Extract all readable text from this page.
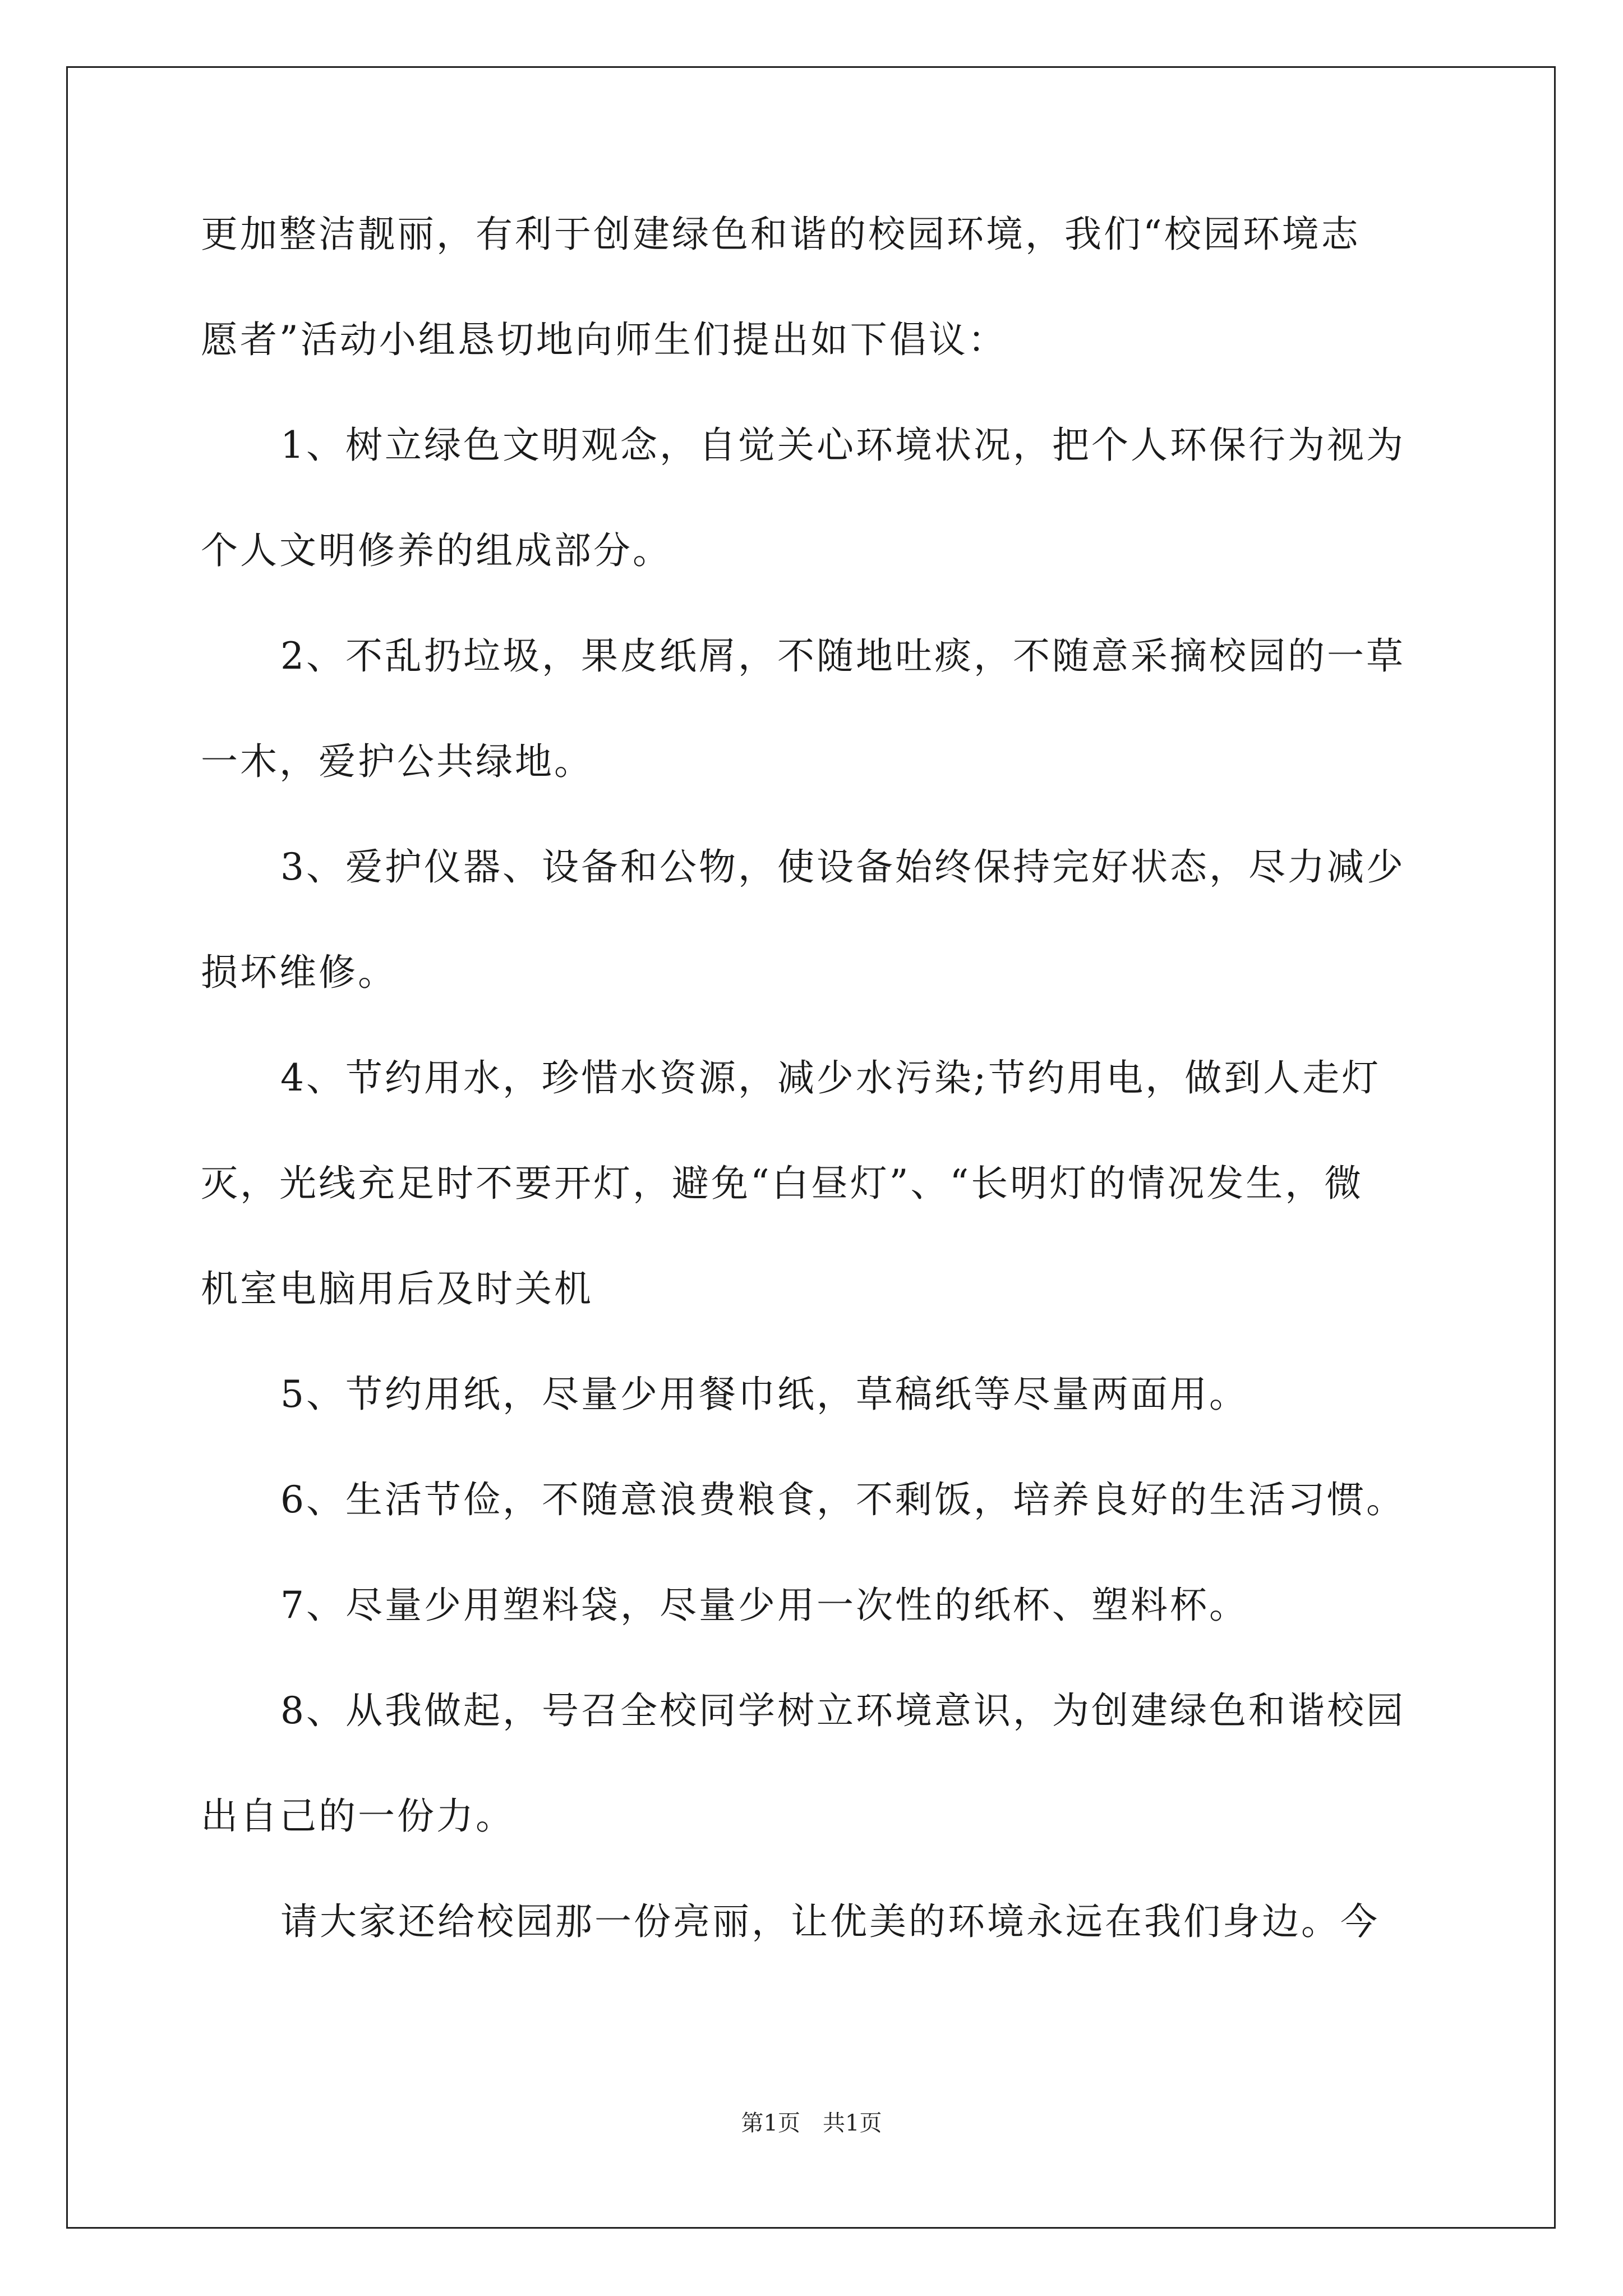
更加整洁靓丽，有利于创建绿色和谐的校园环境，我们“校园环境志
愿者”活动小组恳切地向师生们提出如下倡议：
1、树立绿色文明观念，自觉关心环境状况，把个人环保行为视为
个人文明修养的组成部分。
2、不乱扔垃圾，果皮纸屑，不随地吐痰，不随意采摘校园的一草
一木，爱护公共绿地。
3、爱护仪器、设备和公物，使设备始终保持完好状态，尽力减少
损坏维修。
4、节约用水，珍惜水资源，减少水污染;节约用电，做到人走灯
灭，光线充足时不要开灯，避免“白昼灯”、“长明灯的情况发生，微
机室电脑用后及时关机
5、节约用纸，尽量少用餐巾纸，草稿纸等尽量两面用。
6、生活节俭，不随意浪费粮食，不剩饭，培养良好的生活习惯。
7、尽量少用塑料袋，尽量少用一次性的纸杯、塑料杯。
8、从我做起，号召全校同学树立环境意识，为创建绿色和谐校园
出自己的一份力。
请大家还给校园那一份亮丽，让优美的环境永远在我们身边。今
第1页　共1页
